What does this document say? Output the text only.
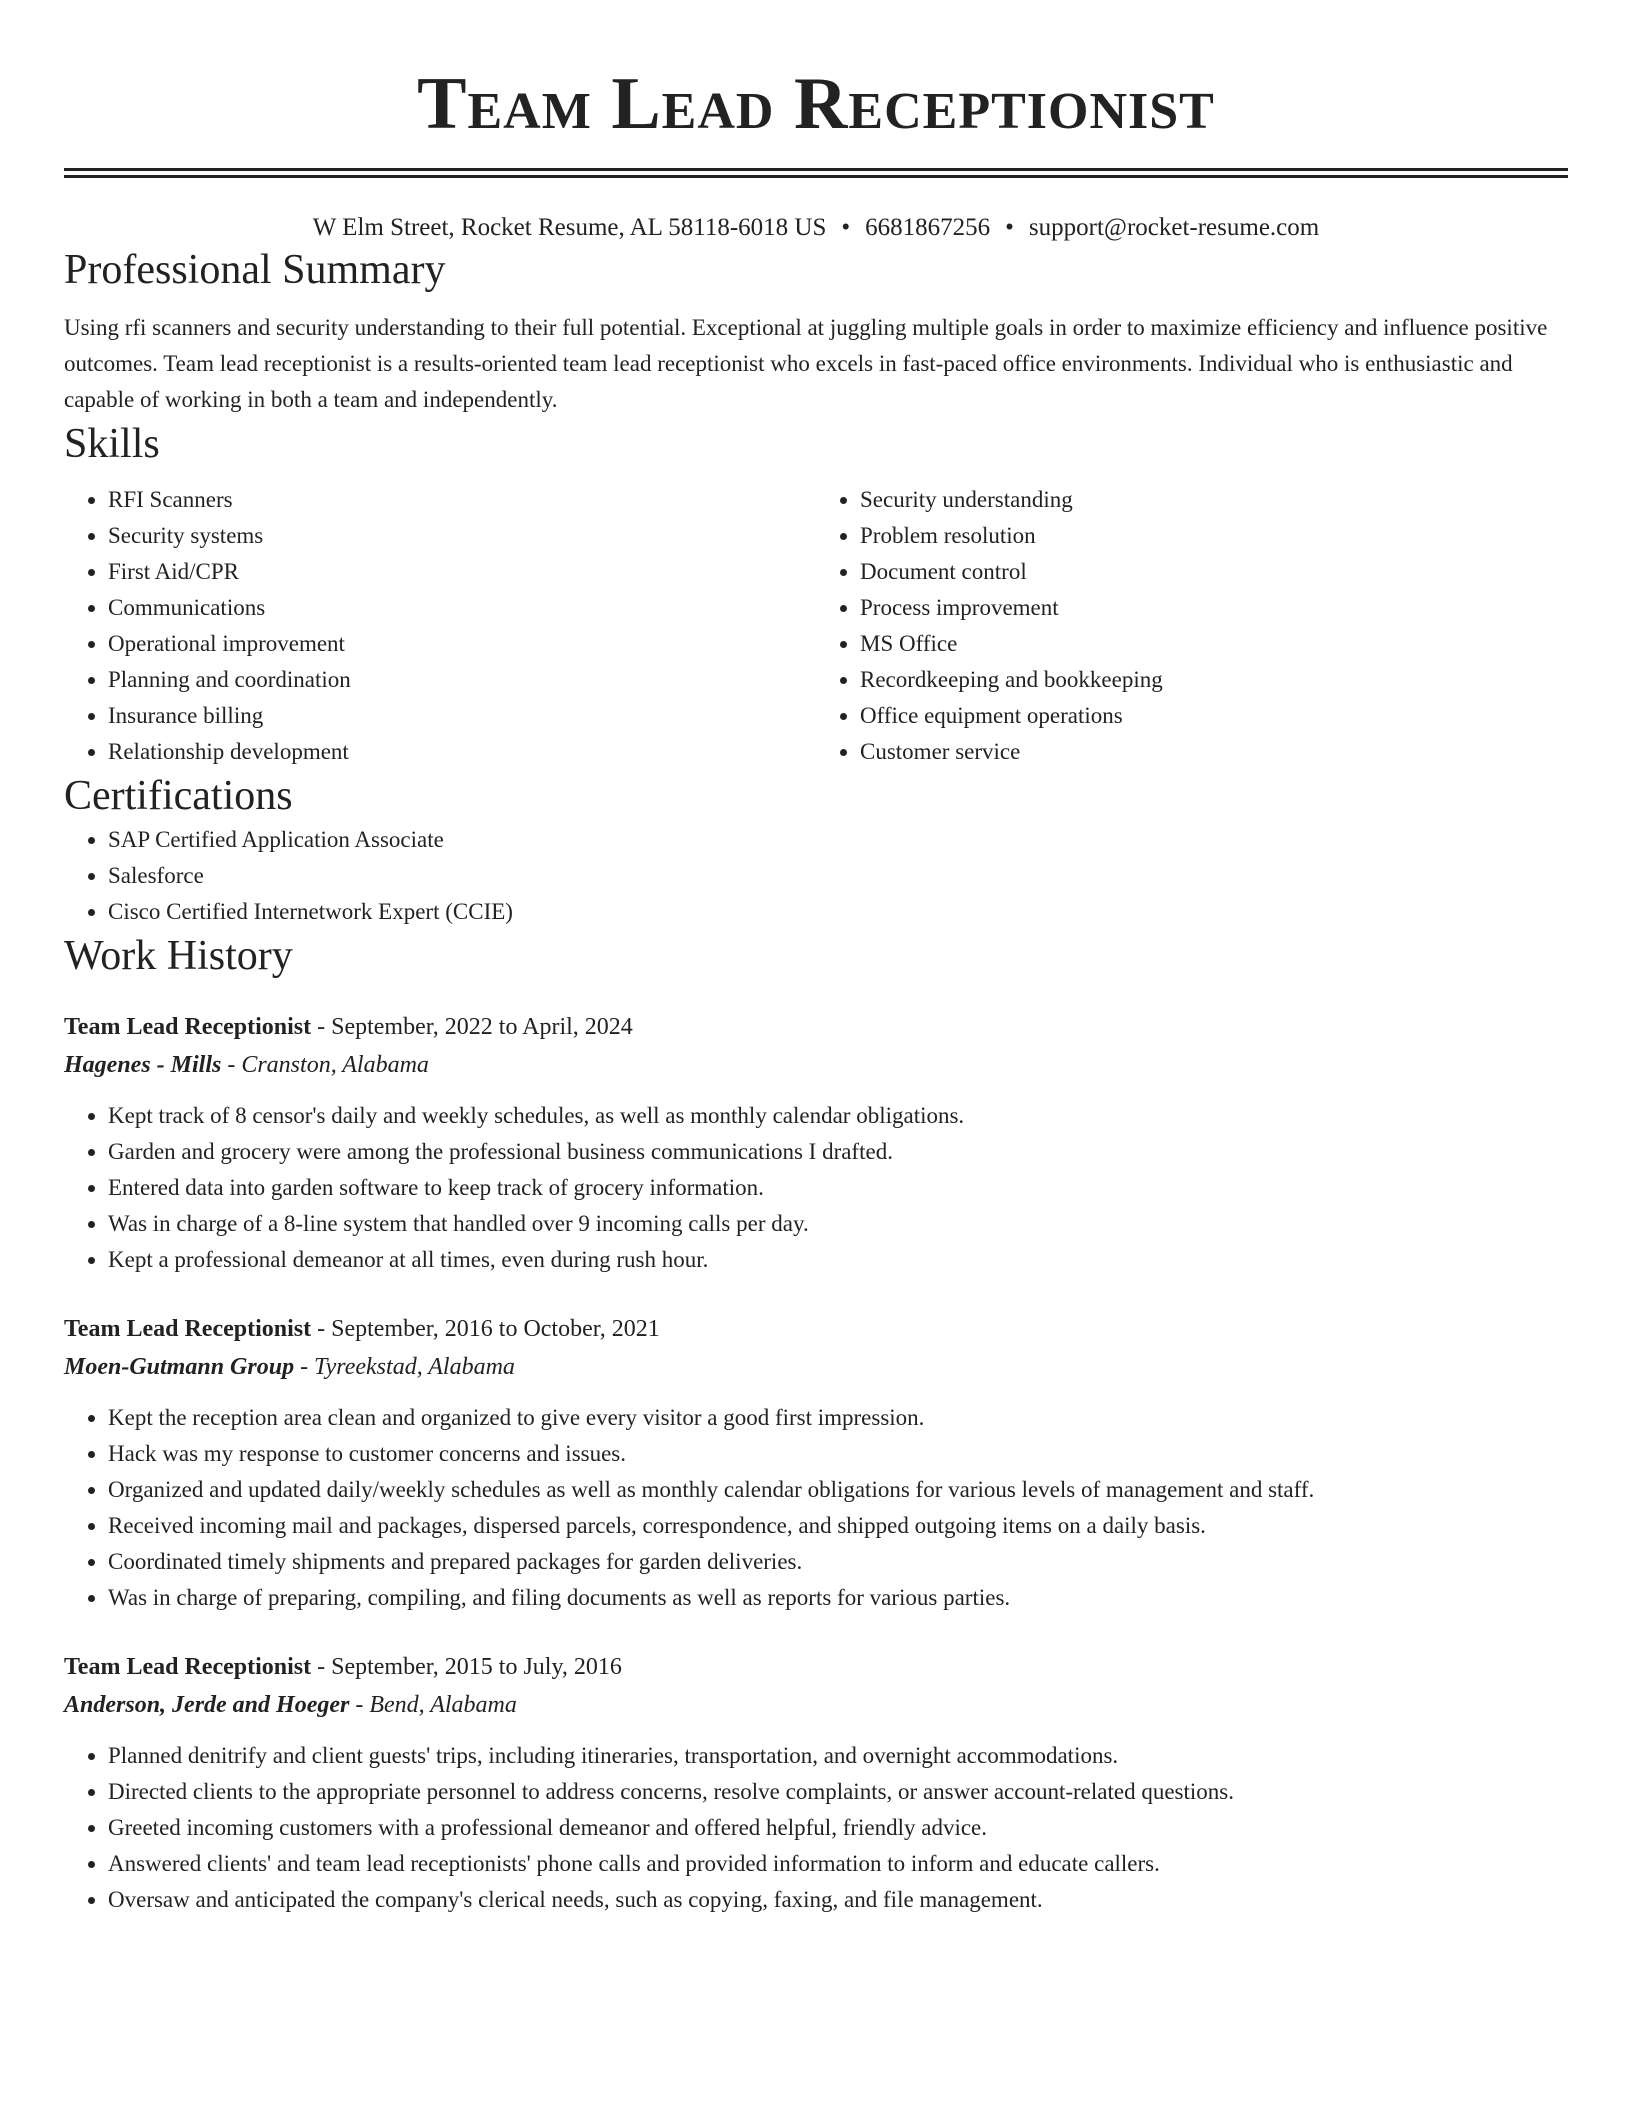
Team Lead Receptionist
W Elm Street, Rocket Resume, AL 58118-6018 US • 6681867256 • support@rocket-resume.com
Professional Summary

Using rfi scanners and security understanding to their full potential. Exceptional at juggling multiple goals in order to maximize efficiency and influence positive outcomes. Team lead receptionist is a results-oriented team lead receptionist who excels in fast-paced office environments. Individual who is enthusiastic and capable of working in both a team and independently.

Skills
• RFI Scanners
• Security systems
• First Aid/CPR
• Communications
• Operational improvement
• Planning and coordination
• Insurance billing
• Relationship development
• Security understanding
• Problem resolution
• Document control
• Process improvement
• MS Office
• Recordkeeping and bookkeeping
• Office equipment operations
• Customer service
Certifications
• SAP Certified Application Associate
• Salesforce
• Cisco Certified Internetwork Expert (CCIE)
Work History
Team Lead Receptionist - September, 2022 to April, 2024
Hagenes - Mills - Cranston, Alabama
• Kept track of 8 censor's daily and weekly schedules, as well as monthly calendar obligations.
• Garden and grocery were among the professional business communications I drafted.
• Entered data into garden software to keep track of grocery information.
• Was in charge of a 8-line system that handled over 9 incoming calls per day.
• Kept a professional demeanor at all times, even during rush hour.
Team Lead Receptionist - September, 2016 to October, 2021
Moen-Gutmann Group - Tyreekstad, Alabama
• Kept the reception area clean and organized to give every visitor a good first impression.
• Hack was my response to customer concerns and issues.
• Organized and updated daily/weekly schedules as well as monthly calendar obligations for various levels of management and staff.
• Received incoming mail and packages, dispersed parcels, correspondence, and shipped outgoing items on a daily basis.
• Coordinated timely shipments and prepared packages for garden deliveries.
• Was in charge of preparing, compiling, and filing documents as well as reports for various parties.
Team Lead Receptionist - September, 2015 to July, 2016
Anderson, Jerde and Hoeger - Bend, Alabama
• Planned denitrify and client guests' trips, including itineraries, transportation, and overnight accommodations.
• Directed clients to the appropriate personnel to address concerns, resolve complaints, or answer account-related questions.
• Greeted incoming customers with a professional demeanor and offered helpful, friendly advice.
• Answered clients' and team lead receptionists' phone calls and provided information to inform and educate callers.
• Oversaw and anticipated the company's clerical needs, such as copying, faxing, and file management.
